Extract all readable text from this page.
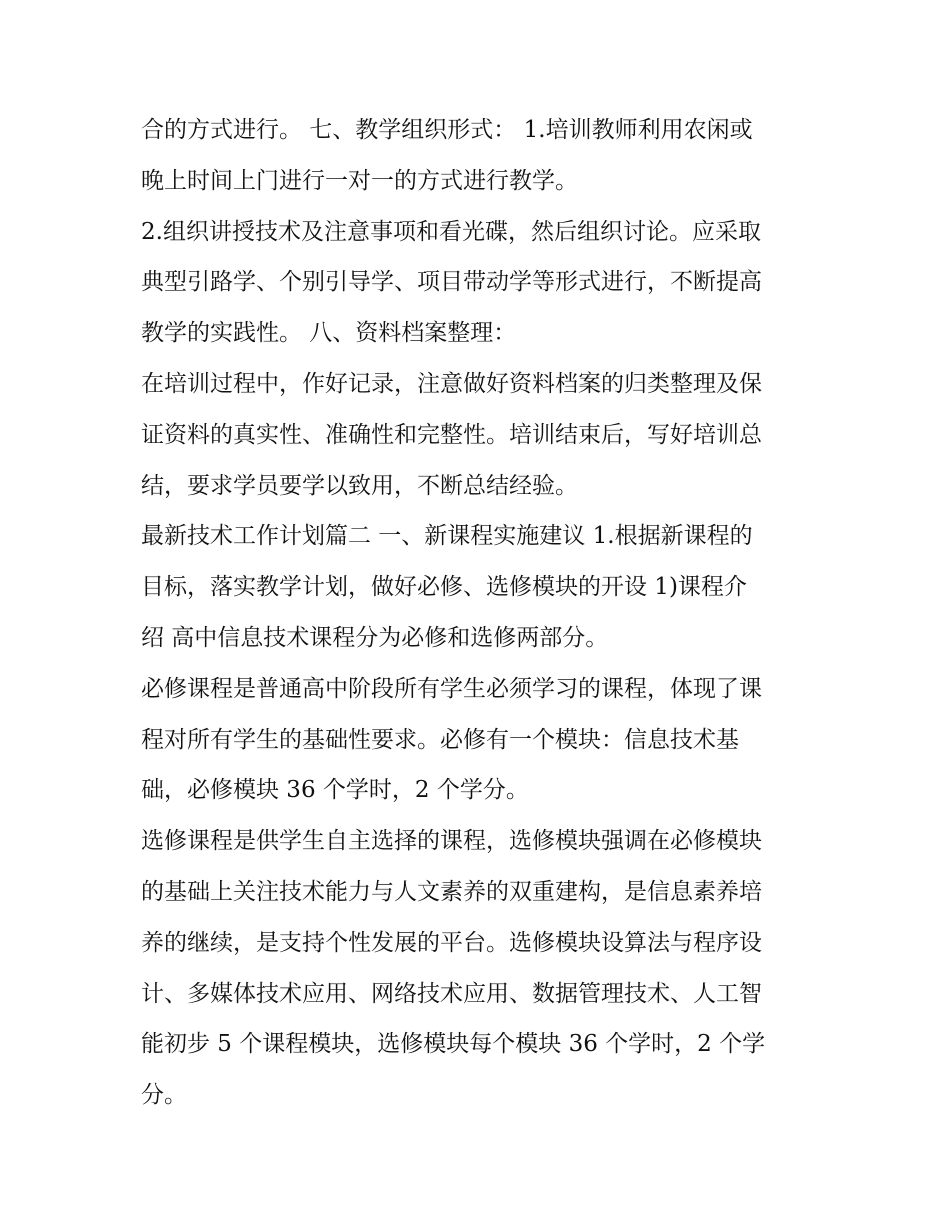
合的方式进行。 七、教学组织形式： 1.培训教师利用农闲或
晚上时间上门进行一对一的方式进行教学。
2.组织讲授技术及注意事项和看光碟，然后组织讨论。应采取
典型引路学、个别引导学、项目带动学等形式进行，不断提高
教学的实践性。 八、资料档案整理：
在培训过程中，作好记录，注意做好资料档案的归类整理及保
证资料的真实性、准确性和完整性。培训结束后，写好培训总
结，要求学员要学以致用，不断总结经验。
最新技术工作计划篇二 一、新课程实施建议 1.根据新课程的
目标，落实教学计划，做好必修、选修模块的开设 1)课程介
绍 高中信息技术课程分为必修和选修两部分。
必修课程是普通高中阶段所有学生必须学习的课程，体现了课
程对所有学生的基础性要求。必修有一个模块：信息技术基
础，必修模块 36 个学时，2 个学分。
选修课程是供学生自主选择的课程，选修模块强调在必修模块
的基础上关注技术能力与人文素养的双重建构，是信息素养培
养的继续，是支持个性发展的平台。选修模块设算法与程序设
计、多媒体技术应用、网络技术应用、数据管理技术、人工智
能初步 5 个课程模块，选修模块每个模块 36 个学时，2 个学
分。
